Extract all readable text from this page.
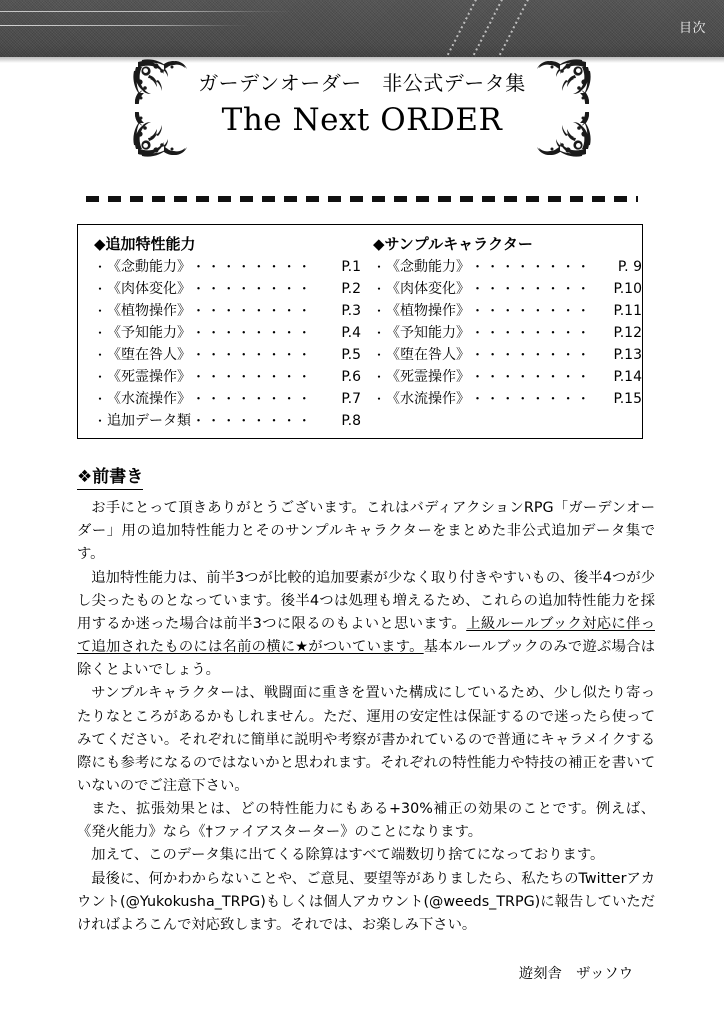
目次
ガーデンオーダー　非公式データ集
The Next ORDER
◆追加特性能力
・ 《念動能力》 ・・・・・・・・	P.1
・ 《肉体変化》 ・・・・・・・・	P.2
・ 《植物操作》 ・・・・・・・・	P.3
・ 《予知能力》 ・・・・・・・・	P.4
・ 《堕在咎人》 ・・・・・・・・	P.5
・ 《死霊操作》 ・・・・・・・・	P.6
・ 《水流操作》 ・・・・・・・・	P.7
・ 追加データ類 ・・・・・・・・	P.8
◆サンプルキャラクター
・ 《念動能力》 ・・・・・・・・	P. 9
・ 《肉体変化》 ・・・・・・・・	P.10
・ 《植物操作》 ・・・・・・・・	P.11
・ 《予知能力》 ・・・・・・・・	P.12
・ 《堕在咎人》 ・・・・・・・・	P.13
・ 《死霊操作》 ・・・・・・・・	P.14
・ 《水流操作》 ・・・・・・・・	P.15
❖前書き

お手にとって頂きありがとうございます。これはバディアクションRPG「ガーデンオーダー」用の追加特性能力とそのサンプルキャラクターをまとめた非公式追加データ集です。

追加特性能力は、前半3つが比較的追加要素が少なく取り付きやすいもの、後半4つが少し尖ったものとなっています。後半4つは処理も増えるため、これらの追加特性能力を採用するか迷った場合は前半3つに限るのもよいと思います。上級ルールブック対応に伴って追加されたものには名前の横に★がついています。基本ルールブックのみで遊ぶ場合は除くとよいでしょう。

サンプルキャラクターは、戦闘面に重きを置いた構成にしているため、少し似たり寄ったりなところがあるかもしれません。ただ、運用の安定性は保証するので迷ったら使ってみてください。それぞれに簡単に説明や考察が書かれているので普通にキャラメイクする際にも参考になるのではないかと思われます。それぞれの特性能力や特技の補正を書いていないのでご注意下さい。

また、拡張効果とは、どの特性能力にもある+30%補正の効果のことです。例えば、《発火能力》なら《†ファイアスターター》のことになります。

加えて、このデータ集に出てくる除算はすべて端数切り捨てになっております。

最後に、何かわからないことや、ご意見、要望等がありましたら、私たちのTwitterアカウント(@Yukokusha_TRPG)もしくは個人アカウント(@weeds_TRPG)に報告していただければよろこんで対応致します。それでは、お楽しみ下さい。

遊刻舎　ザッソウ
